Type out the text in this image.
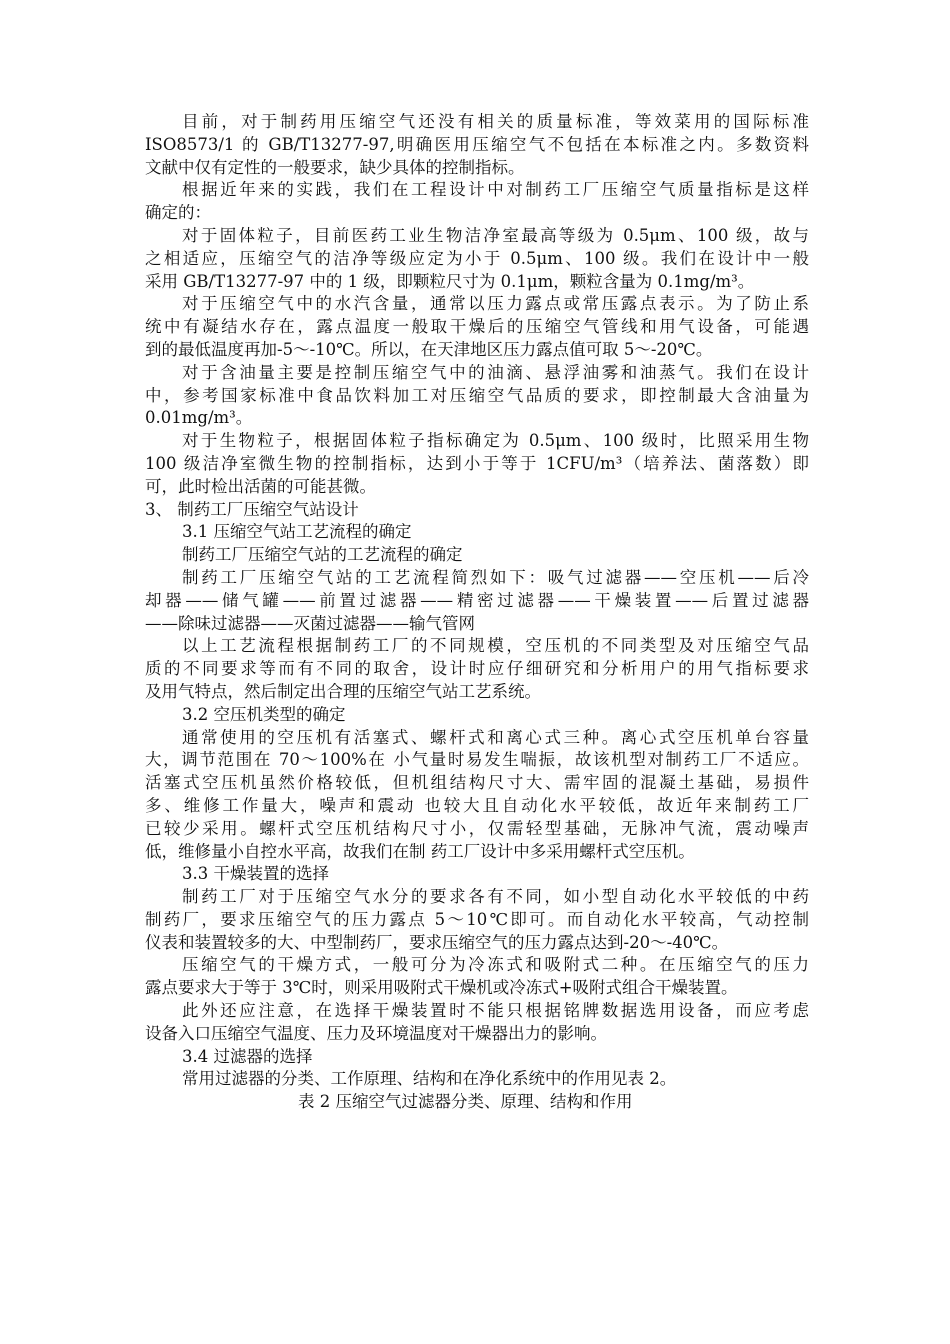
目前，对于制药用压缩空气还没有相关的质量标准，等效菜用的国际标准
ISO8573/1 的 GB/T13277-97,明确医用压缩空气不包括在本标准之内。多数资料
文献中仅有定性的一般要求，缺少具体的控制指标。
根据近年来的实践，我们在工程设计中对制药工厂压缩空气质量指标是这样
确定的：
对于固体粒子，目前医药工业生物洁净室最高等级为 0.5μm、100 级，故与
之相适应，压缩空气的洁净等级应定为小于 0.5μm、100 级。我们在设计中一般
采用 GB/T13277-97 中的 1 级，即颗粒尺寸为 0.1μm，颗粒含量为 0.1mg/m³。
对于压缩空气中的水汽含量，通常以压力露点或常压露点表示。为了防止系
统中有凝结水存在，露点温度一般取干燥后的压缩空气管线和用气设备，可能遇
到的最低温度再加-5～-10℃。所以，在天津地区压力露点值可取 5～-20℃。
对于含油量主要是控制压缩空气中的油滴、悬浮油雾和油蒸气。我们在设计
中，参考国家标准中食品饮料加工对压缩空气品质的要求，即控制最大含油量为
0.01mg/m³。
对于生物粒子，根据固体粒子指标确定为 0.5μm、100 级时，比照采用生物
100 级洁净室微生物的控制指标，达到小于等于 1CFU/m³（培养法、菌落数）即
可，此时检出活菌的可能甚微。
3、 制药工厂压缩空气站设计
3.1 压缩空气站工艺流程的确定
制药工厂压缩空气站的工艺流程的确定
制药工厂压缩空气站的工艺流程简烈如下：吸气过滤器——空压机——后冷
却器——储气罐——前置过滤器——精密过滤器——干燥装置——后置过滤器
——除味过滤器——灭菌过滤器——输气管网
以上工艺流程根据制药工厂的不同规模，空压机的不同类型及对压缩空气品
质的不同要求等而有不同的取舍，设计时应仔细研究和分析用户的用气指标要求
及用气特点，然后制定出合理的压缩空气站工艺系统。
3.2 空压机类型的确定
通常使用的空压机有活塞式、螺杆式和离心式三种。离心式空压机单台容量
大，调节范围在 70～100%在 小气量时易发生喘振，故该机型对制药工厂不适应。
活塞式空压机虽然价格较低，但机组结构尺寸大、需牢固的混凝土基础，易损件
多、维修工作量大，噪声和震动 也较大且自动化水平较低，故近年来制药工厂
已较少采用。螺杆式空压机结构尺寸小，仅需轻型基础，无脉冲气流，震动噪声
低，维修量小自控水平高，故我们在制 药工厂设计中多采用螺杆式空压机。
3.3 干燥装置的选择
制药工厂对于压缩空气水分的要求各有不同，如小型自动化水平较低的中药
制药厂，要求压缩空气的压力露点 5～10℃即可。而自动化水平较高，气动控制
仪表和装置较多的大、中型制药厂，要求压缩空气的压力露点达到-20～-40℃。
压缩空气的干燥方式，一般可分为冷冻式和吸附式二种。在压缩空气的压力
露点要求大于等于 3℃时，则采用吸附式干燥机或冷冻式+吸附式组合干燥装置。
此外还应注意，在选择干燥装置时不能只根据铭牌数据选用设备，而应考虑
设备入口压缩空气温度、压力及环境温度对干燥器出力的影响。
3.4 过滤器的选择
常用过滤器的分类、工作原理、结构和在净化系统中的作用见表 2。
表 2 压缩空气过滤器分类、原理、结构和作用
